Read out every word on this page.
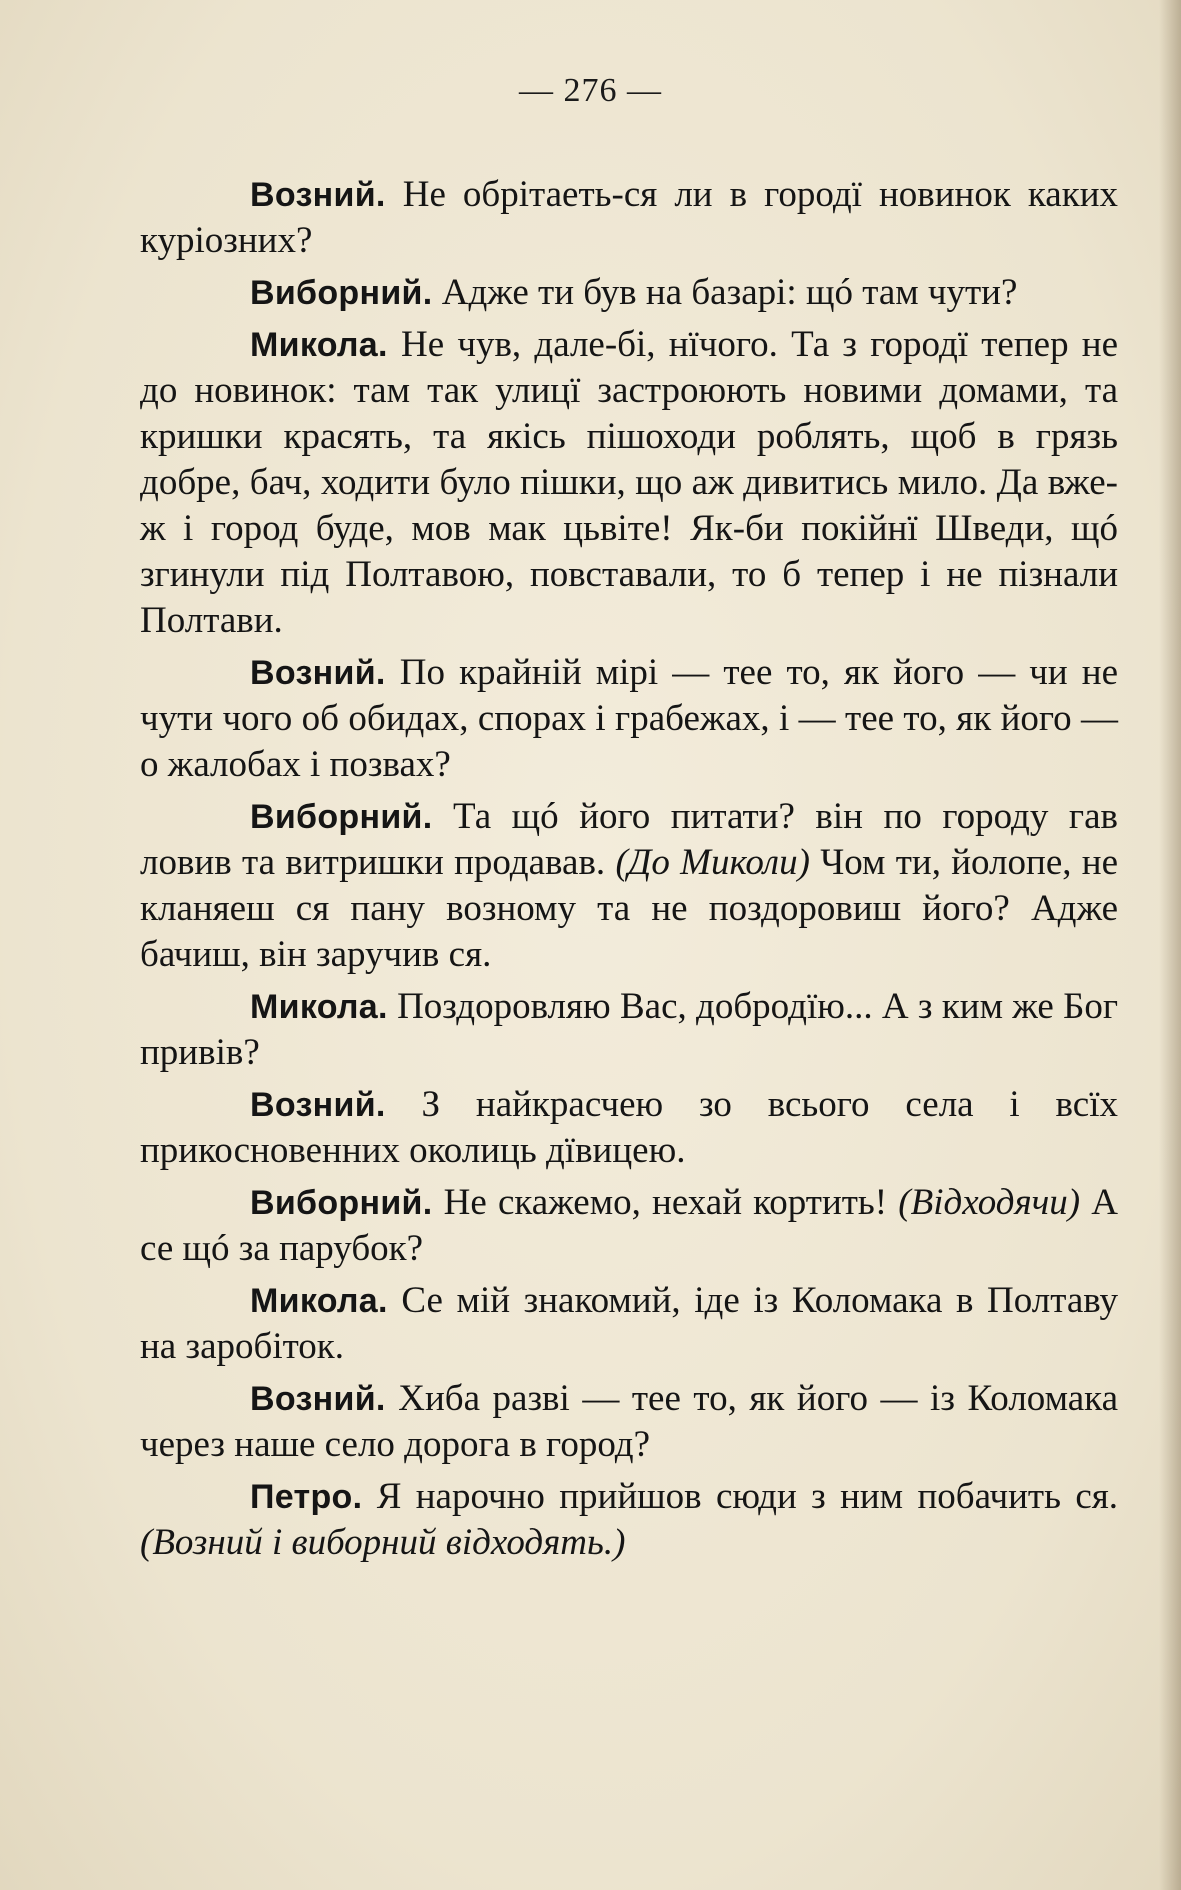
— 276 —

Возний. Не обрітаеть-ся ли в городї новинок каких куріозних?

Виборний. Адже ти був на базарі: щó там чути?

Микола. Не чув, дале-бі, нїчого. Та з городї тепер не до новинок: там так улицї застроюють новими домами, та кришки красять, та якісь пішоходи роблять, щоб в грязь добре, бач, ходити було пішки, що аж дивитись мило. Да вже-ж і город буде, мов мак цьвіте! Як-би покійнї Шведи, щó згинули під Полтавою, повставали, то б тепер і не пізнали Полтави.

Возний. По крайній мірі — тее то, як його — чи не чути чого об обидах, спорах і грабежах, і — тее то, як його — о жалобах і позвах?

Виборний. Та щó його питати? він по городу гав ловив та витришки продавав. (До Миколи) Чом ти, йолопе, не кланяеш ся пану возному та не поздоровиш його? Адже бачиш, він заручив ся.

Микола. Поздоровляю Вас, добродїю... А з ким же Бог привів?

Возний. З найкрасчею зо всього села і всїх прикосновенних околиць дївицею.

Виборний. Не скажемо, нехай кортить! (Відходячи) А се щó за парубок?

Микола. Се мій знакомий, іде із Коломака в Полтаву на заробіток.

Возний. Хиба разві — тее то, як його — із Коломака через наше село дорога в город?

Петро. Я нарочно прийшов сюди з ним побачить ся. (Возний і виборний відходять.)
